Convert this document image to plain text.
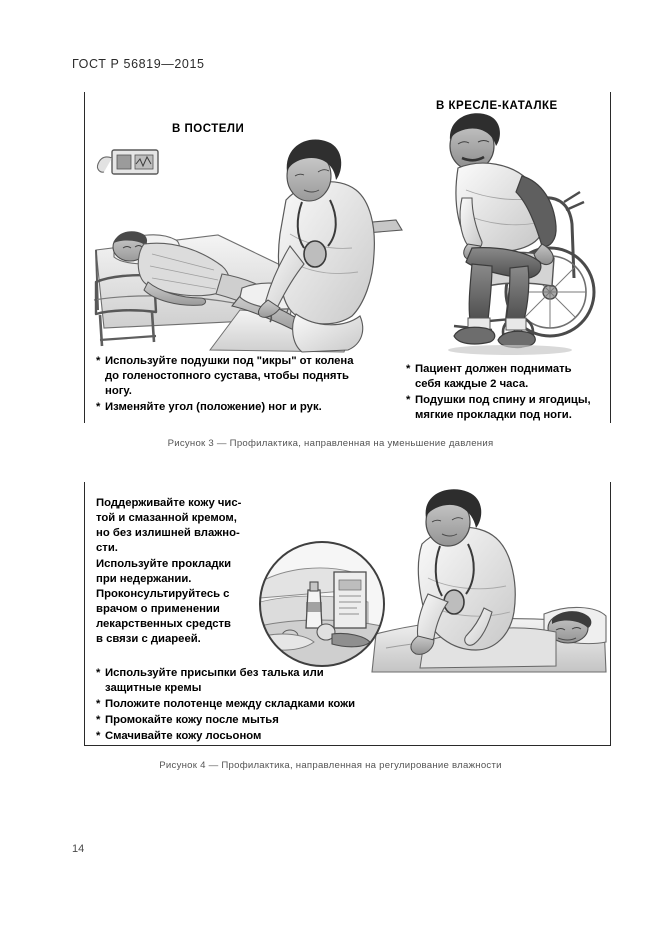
ГОСТ Р 56819—2015
В ПОСТЕЛИ
* Используйте подушки под "икры" от колена
до голеностопного сустава, чтобы поднять
ногу.
* Изменяйте угол (положение) ног и рук.
В КРЕСЛЕ-КАТАЛКЕ
* Пациент должен поднимать
себя каждые 2 часа.
* Подушки под спину и ягодицы,
мягкие прокладки под ноги.
Рисунок 3 — Профилактика, направленная на уменьшение давления
Поддерживайте кожу чис-
той и смазанной кремом,
но без излишней влажно-
сти.
Используйте прокладки
при недержании.
Проконсультируйтесь с
врачом о применении
лекарственных средств
в связи с диареей.
* Используйте присыпки без талька или
защитные кремы
* Положите полотенце между складками кожи
* Промокайте кожу после мытья
* Смачивайте кожу лосьоном
Рисунок 4 — Профилактика, направленная на регулирование влажности
14
